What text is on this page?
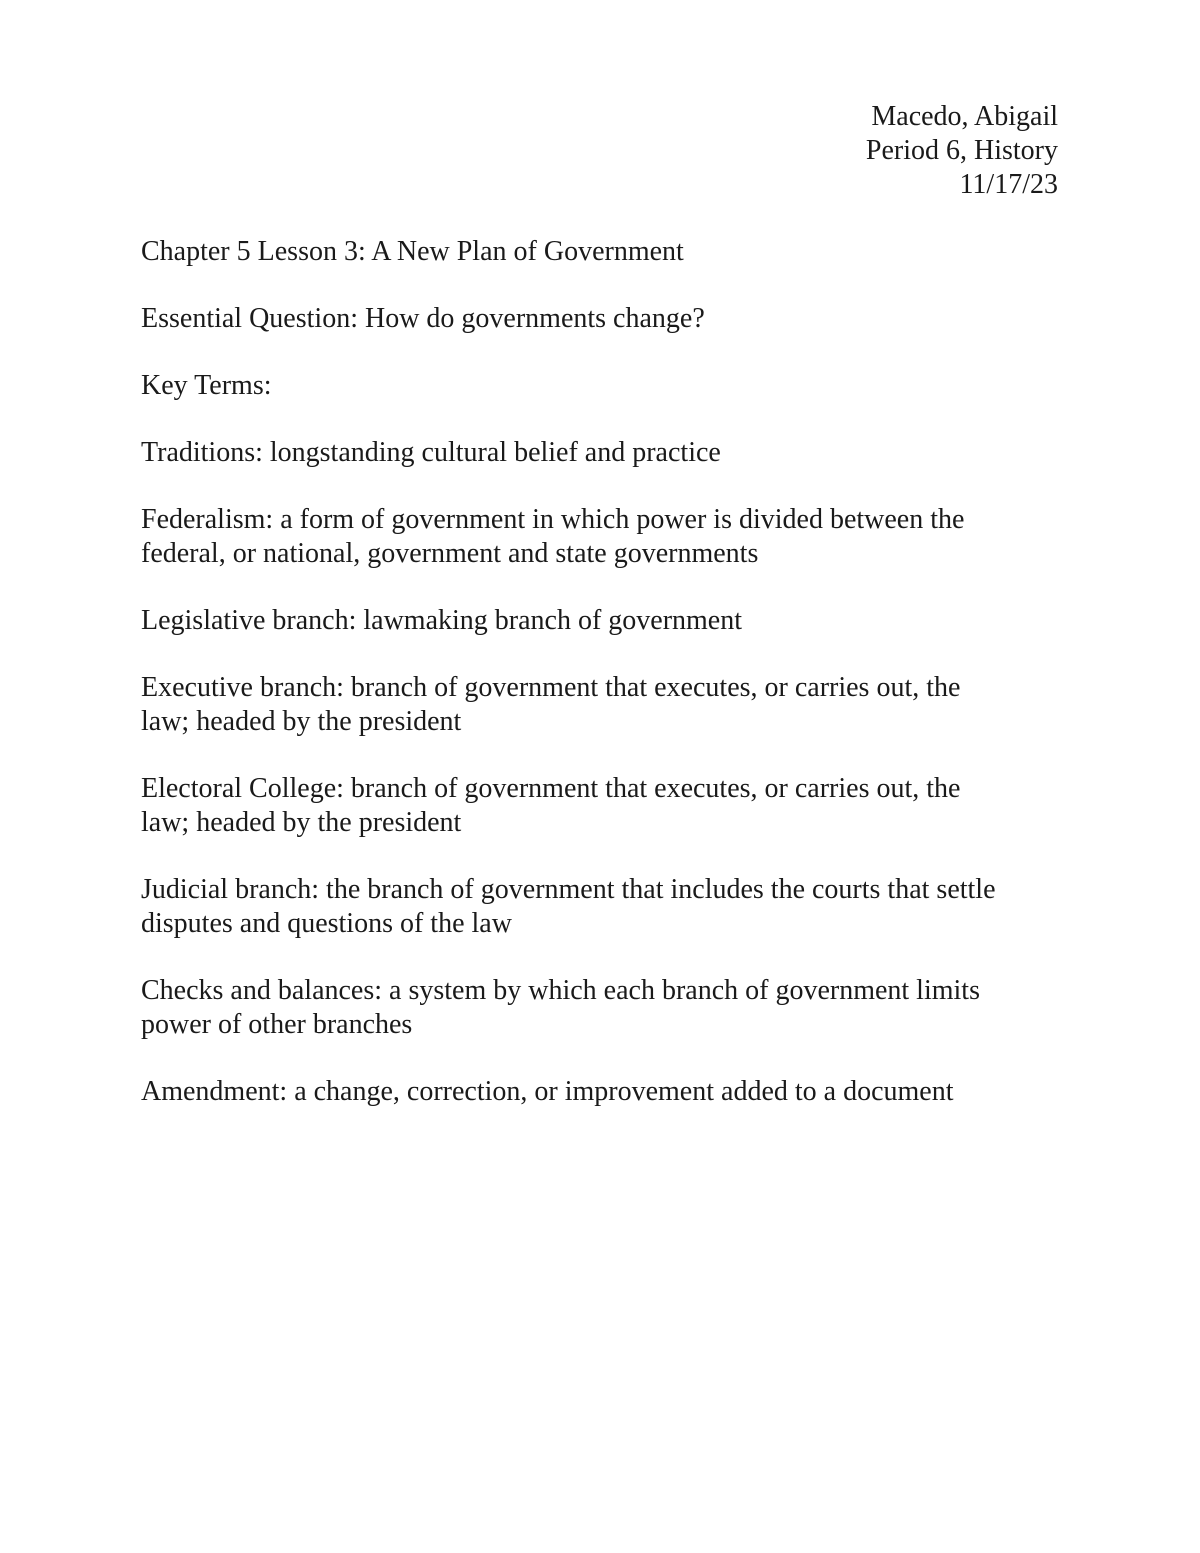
Macedo, Abigail
Period 6, History
11/17/23
Chapter 5 Lesson 3: A New Plan of Government
Essential Question: How do governments change?
Key Terms:
Traditions: longstanding cultural belief and practice
Federalism: a form of government in which power is divided between the
federal, or national, government and state governments
Legislative branch: lawmaking branch of government
Executive branch: branch of government that executes, or carries out, the
law; headed by the president
Electoral College: branch of government that executes, or carries out, the
law; headed by the president
Judicial branch: the branch of government that includes the courts that settle
disputes and questions of the law
Checks and balances: a system by which each branch of government limits
power of other branches
Amendment: a change, correction, or improvement added to a document
